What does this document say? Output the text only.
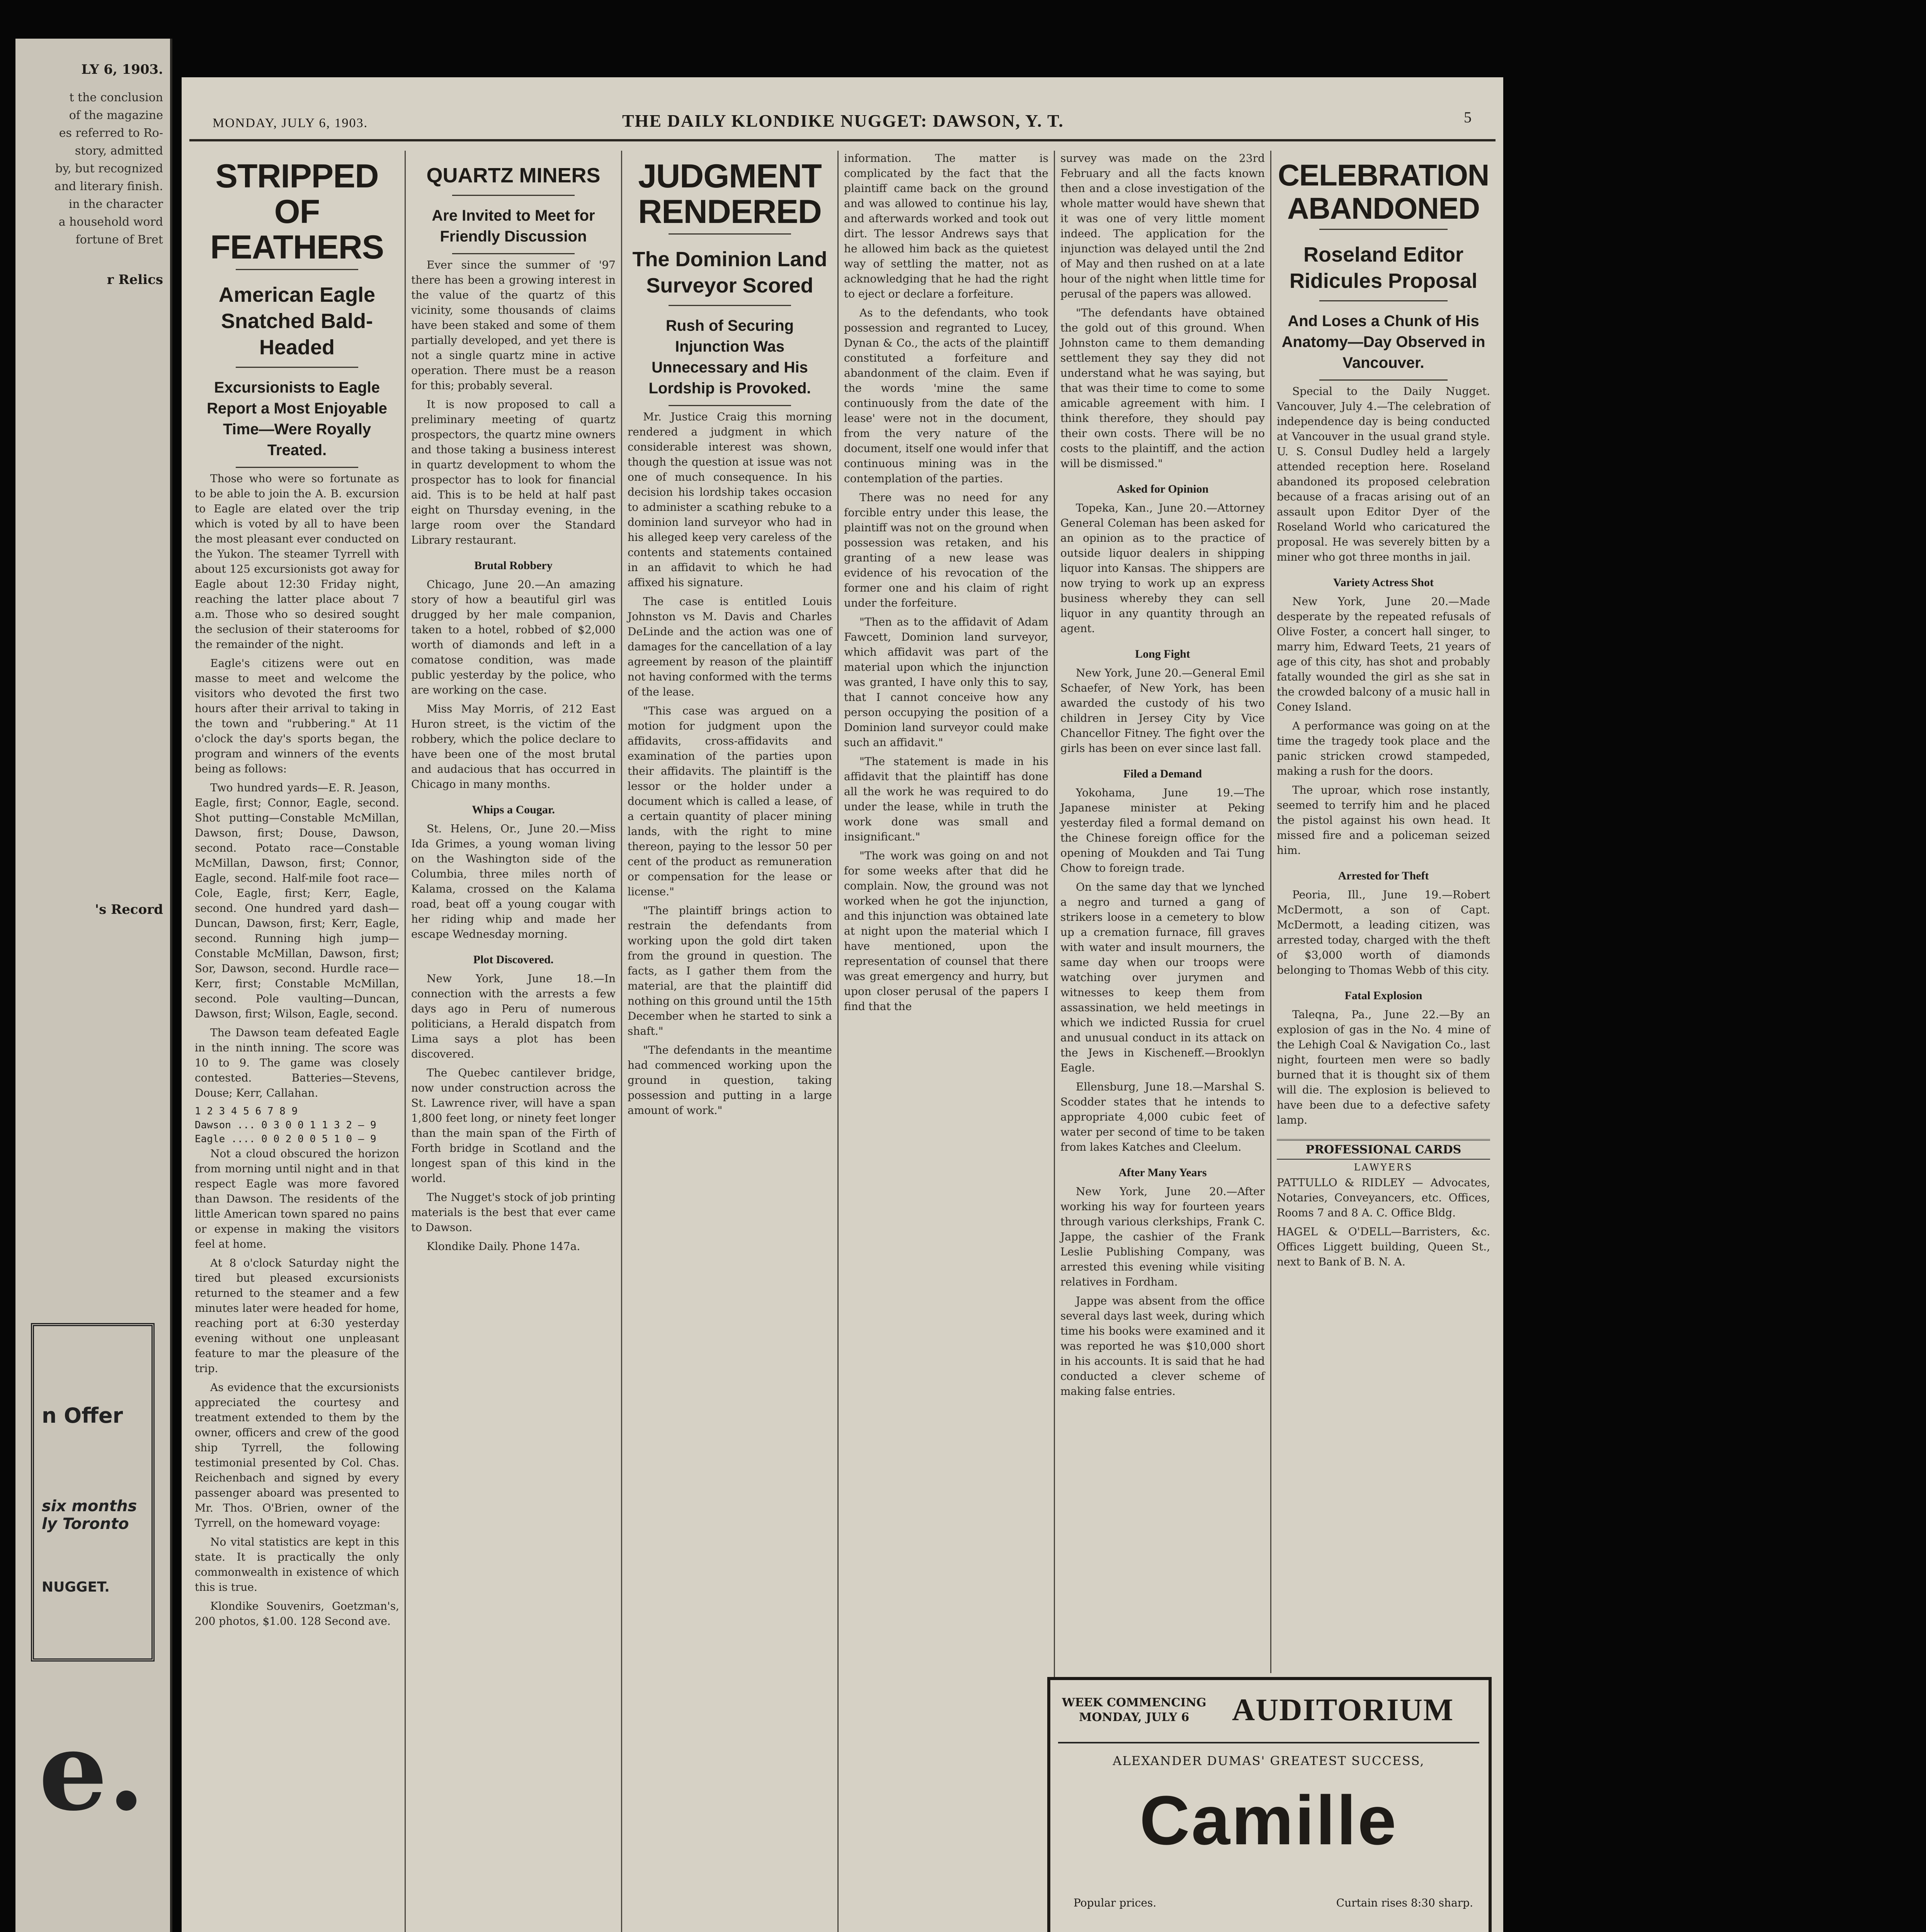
LY 6, 1903.
t the conclusion
of the magazine
es referred to Ro-
story, admitted
by, but recognized
and literary finish.
in the character
a household word
fortune of Bret
r Relics
's Record
n Offer
six months
ly Toronto
NUGGET.
e.
MONDAY, JULY 6, 1903.	THE DAILY KLONDIKE NUGGET: DAWSON, Y. T.	5
STRIPPED OF FEATHERS
American Eagle Snatched Bald-Headed
Excursionists to Eagle Report a Most Enjoyable Time—Were Royally Treated.

Those who were so fortunate as to be able to join the A. B. excursion to Eagle are elated over the trip which is voted by all to have been the most pleasant ever conducted on the Yukon. The steamer Tyrrell with about 125 excursionists got away for Eagle about 12:30 Friday night, reaching the latter place about 7 a.m. Those who so desired sought the seclusion of their staterooms for the remainder of the night.

Eagle's citizens were out en masse to meet and welcome the visitors who devoted the first two hours after their arrival to taking in the town and "rubbering." At 11 o'clock the day's sports began, the program and winners of the events being as follows:

Two hundred yards—E. R. Jeason, Eagle, first; Connor, Eagle, second. Shot putting—Constable McMillan, Dawson, first; Douse, Dawson, second. Potato race—Constable McMillan, Dawson, first; Connor, Eagle, second. Half-mile foot race—Cole, Eagle, first; Kerr, Eagle, second. One hundred yard dash—Duncan, Dawson, first; Kerr, Eagle, second. Running high jump—Constable McMillan, Dawson, first; Sor, Dawson, second. Hurdle race—Kerr, first; Constable McMillan, second. Pole vaulting—Duncan, Dawson, first; Wilson, Eagle, second.

The Dawson team defeated Eagle in the ninth inning. The score was 10 to 9. The game was closely contested. Batteries—Stevens, Douse; Kerr, Callahan.

1 2 3 4 5 6 7 8 9
Dawson ... 0 3 0 0 1 1 3 2 — 9
Eagle .... 0 0 2 0 0 5 1 0 — 9

Not a cloud obscured the horizon from morning until night and in that respect Eagle was more favored than Dawson. The residents of the little American town spared no pains or expense in making the visitors feel at home.

At 8 o'clock Saturday night the tired but pleased excursionists returned to the steamer and a few minutes later were headed for home, reaching port at 6:30 yesterday evening without one unpleasant feature to mar the pleasure of the trip.

As evidence that the excursionists appreciated the courtesy and treatment extended to them by the owner, officers and crew of the good ship Tyrrell, the following testimonial presented by Col. Chas. Reichenbach and signed by every passenger aboard was presented to Mr. Thos. O'Brien, owner of the Tyrrell, on the homeward voyage:

No vital statistics are kept in this state. It is practically the only commonwealth in existence of which this is true.

Klondike Souvenirs, Goetzman's, 200 photos, $1.00. 128 Second ave.

QUARTZ MINERS
Are Invited to Meet for Friendly Discussion

Ever since the summer of '97 there has been a growing interest in the value of the quartz of this vicinity, some thousands of claims have been staked and some of them partially developed, and yet there is not a single quartz mine in active operation. There must be a reason for this; probably several.

It is now proposed to call a preliminary meeting of quartz prospectors, the quartz mine owners and those taking a business interest in quartz development to whom the prospector has to look for financial aid. This is to be held at half past eight on Thursday evening, in the large room over the Standard Library restaurant.

Brutal Robbery

Chicago, June 20.—An amazing story of how a beautiful girl was drugged by her male companion, taken to a hotel, robbed of $2,000 worth of diamonds and left in a comatose condition, was made public yesterday by the police, who are working on the case.

Miss May Morris, of 212 East Huron street, is the victim of the robbery, which the police declare to have been one of the most brutal and audacious that has occurred in Chicago in many months.

Whips a Cougar.

St. Helens, Or., June 20.—Miss Ida Grimes, a young woman living on the Washington side of the Columbia, three miles north of Kalama, crossed on the Kalama road, beat off a young cougar with her riding whip and made her escape Wednesday morning.

Plot Discovered.

New York, June 18.—In connection with the arrests a few days ago in Peru of numerous politicians, a Herald dispatch from Lima says a plot has been discovered.

The Quebec cantilever bridge, now under construction across the St. Lawrence river, will have a span 1,800 feet long, or ninety feet longer than the main span of the Firth of Forth bridge in Scotland and the longest span of this kind in the world.

The Nugget's stock of job printing materials is the best that ever came to Dawson.

Klondike Daily. Phone 147a.

JUDGMENT RENDERED
The Dominion Land Surveyor Scored
Rush of Securing Injunction Was Unnecessary and His Lordship is Provoked.

Mr. Justice Craig this morning rendered a judgment in which considerable interest was shown, though the question at issue was not one of much consequence. In his decision his lordship takes occasion to administer a scathing rebuke to a dominion land surveyor who had in his alleged keep very careless of the contents and statements contained in an affidavit to which he had affixed his signature.

The case is entitled Louis Johnston vs M. Davis and Charles DeLinde and the action was one of damages for the cancellation of a lay agreement by reason of the plaintiff not having conformed with the terms of the lease.

"This case was argued on a motion for judgment upon the affidavits, cross-affidavits and examination of the parties upon their affidavits. The plaintiff is the lessor or the holder under a document which is called a lease, of a certain quantity of placer mining lands, with the right to mine thereon, paying to the lessor 50 per cent of the product as remuneration or compensation for the lease or license."

"The plaintiff brings action to restrain the defendants from working upon the gold dirt taken from the ground in question. The facts, as I gather them from the material, are that the plaintiff did nothing on this ground until the 15th December when he started to sink a shaft."

"The defendants in the meantime had commenced working upon the ground in question, taking possession and putting in a large amount of work."

information. The matter is complicated by the fact that the plaintiff came back on the ground and was allowed to continue his lay, and afterwards worked and took out dirt. The lessor Andrews says that he allowed him back as the quietest way of settling the matter, not as acknowledging that he had the right to eject or declare a forfeiture.

As to the defendants, who took possession and regranted to Lucey, Dynan & Co., the acts of the plaintiff constituted a forfeiture and abandonment of the claim. Even if the words 'mine the same continuously from the date of the lease' were not in the document, from the very nature of the document, itself one would infer that continuous mining was in the contemplation of the parties.

There was no need for any forcible entry under this lease, the plaintiff was not on the ground when possession was retaken, and his granting of a new lease was evidence of his revocation of the former one and his claim of right under the forfeiture.

"Then as to the affidavit of Adam Fawcett, Dominion land surveyor, which affidavit was part of the material upon which the injunction was granted, I have only this to say, that I cannot conceive how any person occupying the position of a Dominion land surveyor could make such an affidavit."

"The statement is made in his affidavit that the plaintiff has done all the work he was required to do under the lease, while in truth the work done was small and insignificant."

"The work was going on and not for some weeks after that did he complain. Now, the ground was not worked when he got the injunction, and this injunction was obtained late at night upon the material which I have mentioned, upon the representation of counsel that there was great emergency and hurry, but upon closer perusal of the papers I find that the

survey was made on the 23rd February and all the facts known then and a close investigation of the whole matter would have shewn that it was one of very little moment indeed. The application for the injunction was delayed until the 2nd of May and then rushed on at a late hour of the night when little time for perusal of the papers was allowed.

"The defendants have obtained the gold out of this ground. When Johnston came to them demanding settlement they say they did not understand what he was saying, but that was their time to come to some amicable agreement with him. I think therefore, they should pay their own costs. There will be no costs to the plaintiff, and the action will be dismissed."

Asked for Opinion

Topeka, Kan., June 20.—Attorney General Coleman has been asked for an opinion as to the practice of outside liquor dealers in shipping liquor into Kansas. The shippers are now trying to work up an express business whereby they can sell liquor in any quantity through an agent.

Long Fight

New York, June 20.—General Emil Schaefer, of New York, has been awarded the custody of his two children in Jersey City by Vice Chancellor Fitney. The fight over the girls has been on ever since last fall.

Filed a Demand

Yokohama, June 19.—The Japanese minister at Peking yesterday filed a formal demand on the Chinese foreign office for the opening of Moukden and Tai Tung Chow to foreign trade.

On the same day that we lynched a negro and turned a gang of strikers loose in a cemetery to blow up a cremation furnace, fill graves with water and insult mourners, the same day when our troops were watching over jurymen and witnesses to keep them from assassination, we held meetings in which we indicted Russia for cruel and unusual conduct in its attack on the Jews in Kischeneff.—Brooklyn Eagle.

Ellensburg, June 18.—Marshal S. Scodder states that he intends to appropriate 4,000 cubic feet of water per second of time to be taken from lakes Katches and Cleelum.

After Many Years

New York, June 20.—After working his way for fourteen years through various clerkships, Frank C. Jappe, the cashier of the Frank Leslie Publishing Company, was arrested this evening while visiting relatives in Fordham.

Jappe was absent from the office several days last week, during which time his books were examined and it was reported he was $10,000 short in his accounts. It is said that he had conducted a clever scheme of making false entries.

CELEBRATION ABANDONED
Roseland Editor Ridicules Proposal
And Loses a Chunk of His Anatomy—Day Observed in Vancouver.

Special to the Daily Nugget. Vancouver, July 4.—The celebration of independence day is being conducted at Vancouver in the usual grand style. U. S. Consul Dudley held a largely attended reception here. Roseland abandoned its proposed celebration because of a fracas arising out of an assault upon Editor Dyer of the Roseland World who caricatured the proposal. He was severely bitten by a miner who got three months in jail.

Variety Actress Shot

New York, June 20.—Made desperate by the repeated refusals of Olive Foster, a concert hall singer, to marry him, Edward Teets, 21 years of age of this city, has shot and probably fatally wounded the girl as she sat in the crowded balcony of a music hall in Coney Island.

A performance was going on at the time the tragedy took place and the panic stricken crowd stampeded, making a rush for the doors.

The uproar, which rose instantly, seemed to terrify him and he placed the pistol against his own head. It missed fire and a policeman seized him.

Arrested for Theft

Peoria, Ill., June 19.—Robert McDermott, a son of Capt. McDermott, a leading citizen, was arrested today, charged with the theft of $3,000 worth of diamonds belonging to Thomas Webb of this city.

Fatal Explosion

Taleqna, Pa., June 22.—By an explosion of gas in the No. 4 mine of the Lehigh Coal & Navigation Co., last night, fourteen men were so badly burned that it is thought six of them will die. The explosion is believed to have been due to a defective safety lamp.

PROFESSIONAL CARDS
LAWYERS

PATTULLO & RIDLEY — Advocates, Notaries, Conveyancers, etc. Offices, Rooms 7 and 8 A. C. Office Bldg.

HAGEL & O'DELL—Barristers, &c. Offices Liggett building, Queen St., next to Bank of B. N. A.

WEEK COMMENCING
MONDAY, JULY 6	AUDITORIUM
ALEXANDER DUMAS' GREATEST SUCCESS,
Camille
Popular prices.	Curtain rises 8:30 sharp.
